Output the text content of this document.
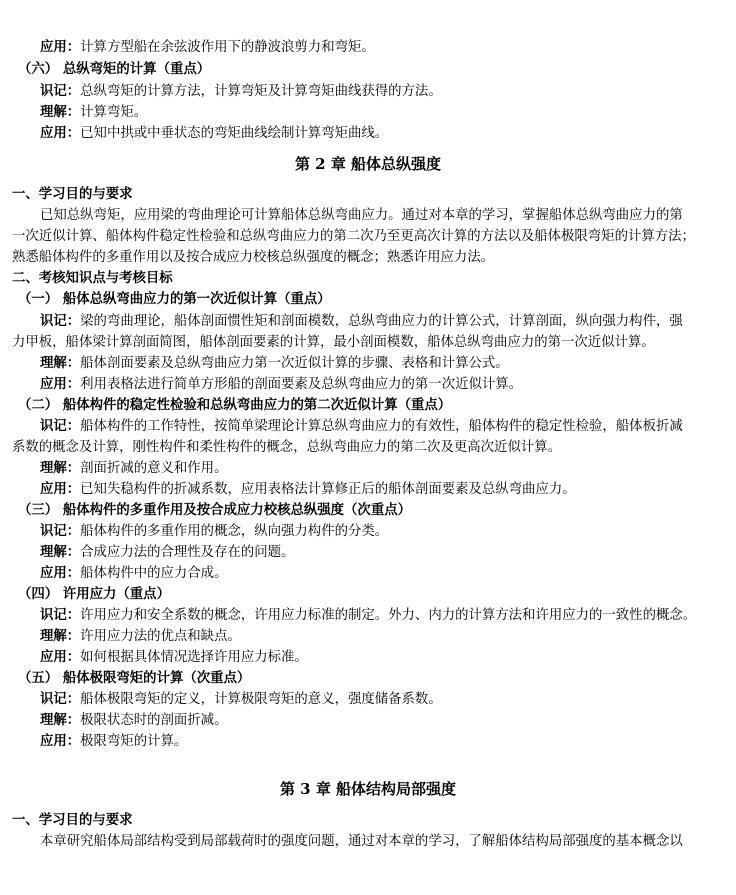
应用：计算方型船在余弦波作用下的静波浪剪力和弯矩。
（六） 总纵弯矩的计算（重点）
识记：总纵弯矩的计算方法，计算弯矩及计算弯矩曲线获得的方法。
理解：计算弯矩。
应用：已知中拱或中垂状态的弯矩曲线绘制计算弯矩曲线。
第 2 章 船体总纵强度
一、学习目的与要求
已知总纵弯矩，应用梁的弯曲理论可计算船体总纵弯曲应力。通过对本章的学习，掌握船体总纵弯曲应力的第
一次近似计算、船体构件稳定性检验和总纵弯曲应力的第二次乃至更高次计算的方法以及船体极限弯矩的计算方法；
熟悉船体构件的多重作用以及按合成应力校核总纵强度的概念；熟悉许用应力法。
二、考核知识点与考核目标
（一） 船体总纵弯曲应力的第一次近似计算（重点）
识记：梁的弯曲理论，船体剖面惯性矩和剖面模数，总纵弯曲应力的计算公式，计算剖面，纵向强力构件，强
力甲板，船体梁计算剖面简图，船体剖面要素的计算，最小剖面模数，船体总纵弯曲应力的第一次近似计算。
理解：船体剖面要素及总纵弯曲应力第一次近似计算的步骤、表格和计算公式。
应用：利用表格法进行简单方形船的剖面要素及总纵弯曲应力的第一次近似计算。
（二） 船体构件的稳定性检验和总纵弯曲应力的第二次近似计算（重点）
识记：船体构件的工作特性，按简单梁理论计算总纵弯曲应力的有效性，船体构件的稳定性检验，船体板折减
系数的概念及计算，刚性构件和柔性构件的概念，总纵弯曲应力的第二次及更高次近似计算。
理解：剖面折减的意义和作用。
应用：已知失稳构件的折减系数，应用表格法计算修正后的船体剖面要素及总纵弯曲应力。
（三） 船体构件的多重作用及按合成应力校核总纵强度（次重点）
识记：船体构件的多重作用的概念，纵向强力构件的分类。
理解：合成应力法的合理性及存在的问题。
应用：船体构件中的应力合成。
（四） 许用应力（重点）
识记：许用应力和安全系数的概念，许用应力标准的制定。外力、内力的计算方法和许用应力的一致性的概念。
理解：许用应力法的优点和缺点。
应用：如何根据具体情况选择许用应力标准。
（五） 船体极限弯矩的计算（次重点）
识记：船体极限弯矩的定义，计算极限弯矩的意义，强度储备系数。
理解：极限状态时的剖面折减。
应用：极限弯矩的计算。
第 3 章 船体结构局部强度
一、学习目的与要求
本章研究船体局部结构受到局部载荷时的强度问题，通过对本章的学习，了解船体结构局部强度的基本概念以
